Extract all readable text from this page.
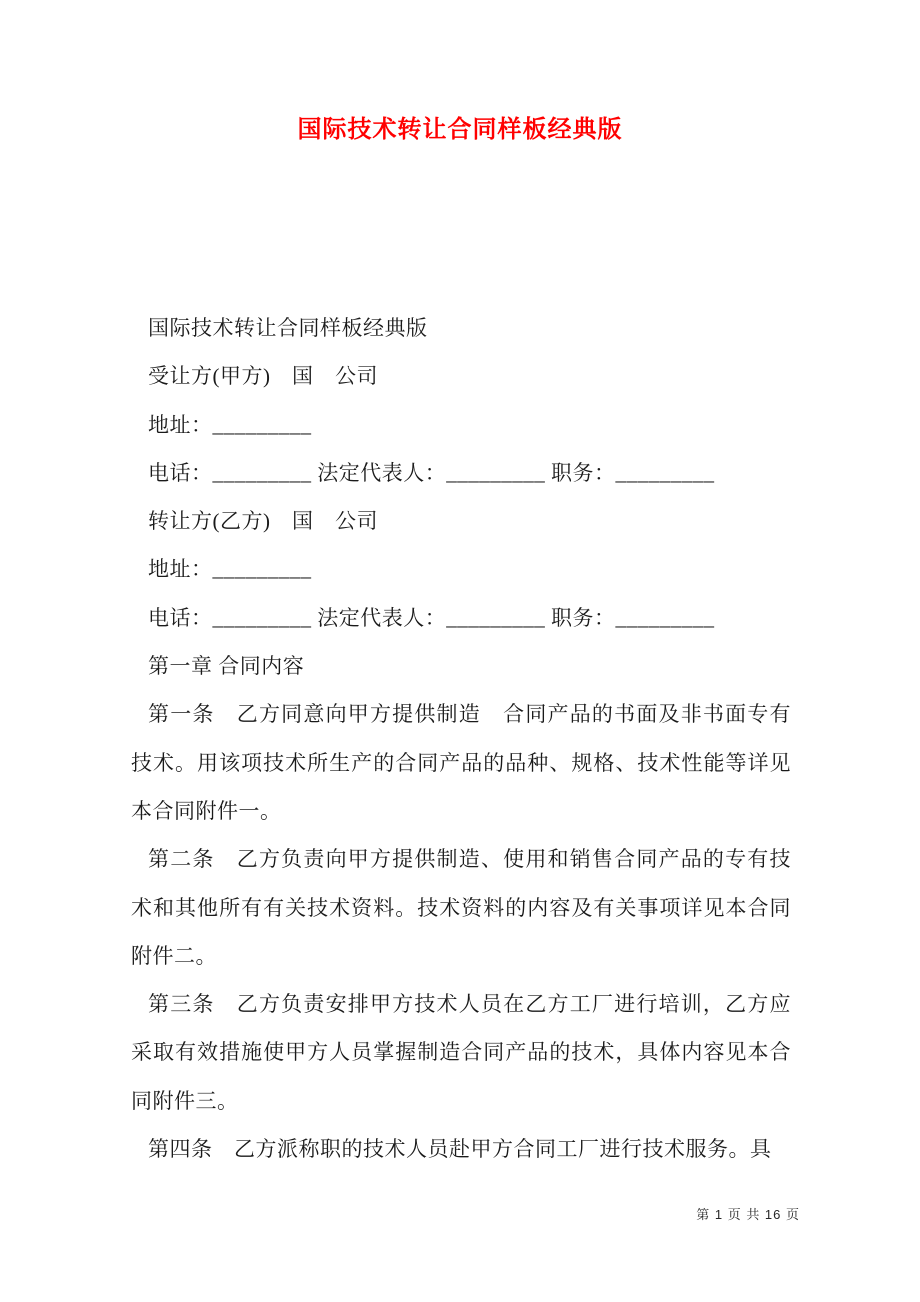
国际技术转让合同样板经典版
国际技术转让合同样板经典版
受让方(甲方)　国　公司
地址：_________
电话：_________ 法定代表人：_________ 职务：_________
转让方(乙方)　国　公司
地址：_________
电话：_________ 法定代表人：_________ 职务：_________
第一章 合同内容

第一条　乙方同意向甲方提供制造　合同产品的书面及非书面专有技术。用该项技术所生产的合同产品的品种、规格、技术性能等详见本合同附件一。

第二条　乙方负责向甲方提供制造、使用和销售合同产品的专有技术和其他所有有关技术资料。技术资料的内容及有关事项详见本合同附件二。

第三条　乙方负责安排甲方技术人员在乙方工厂进行培训，乙方应采取有效措施使甲方人员掌握制造合同产品的技术，具体内容见本合同附件三。

第四条　乙方派称职的技术人员赴甲方合同工厂进行技术服务。具

第 1 页 共 16 页
